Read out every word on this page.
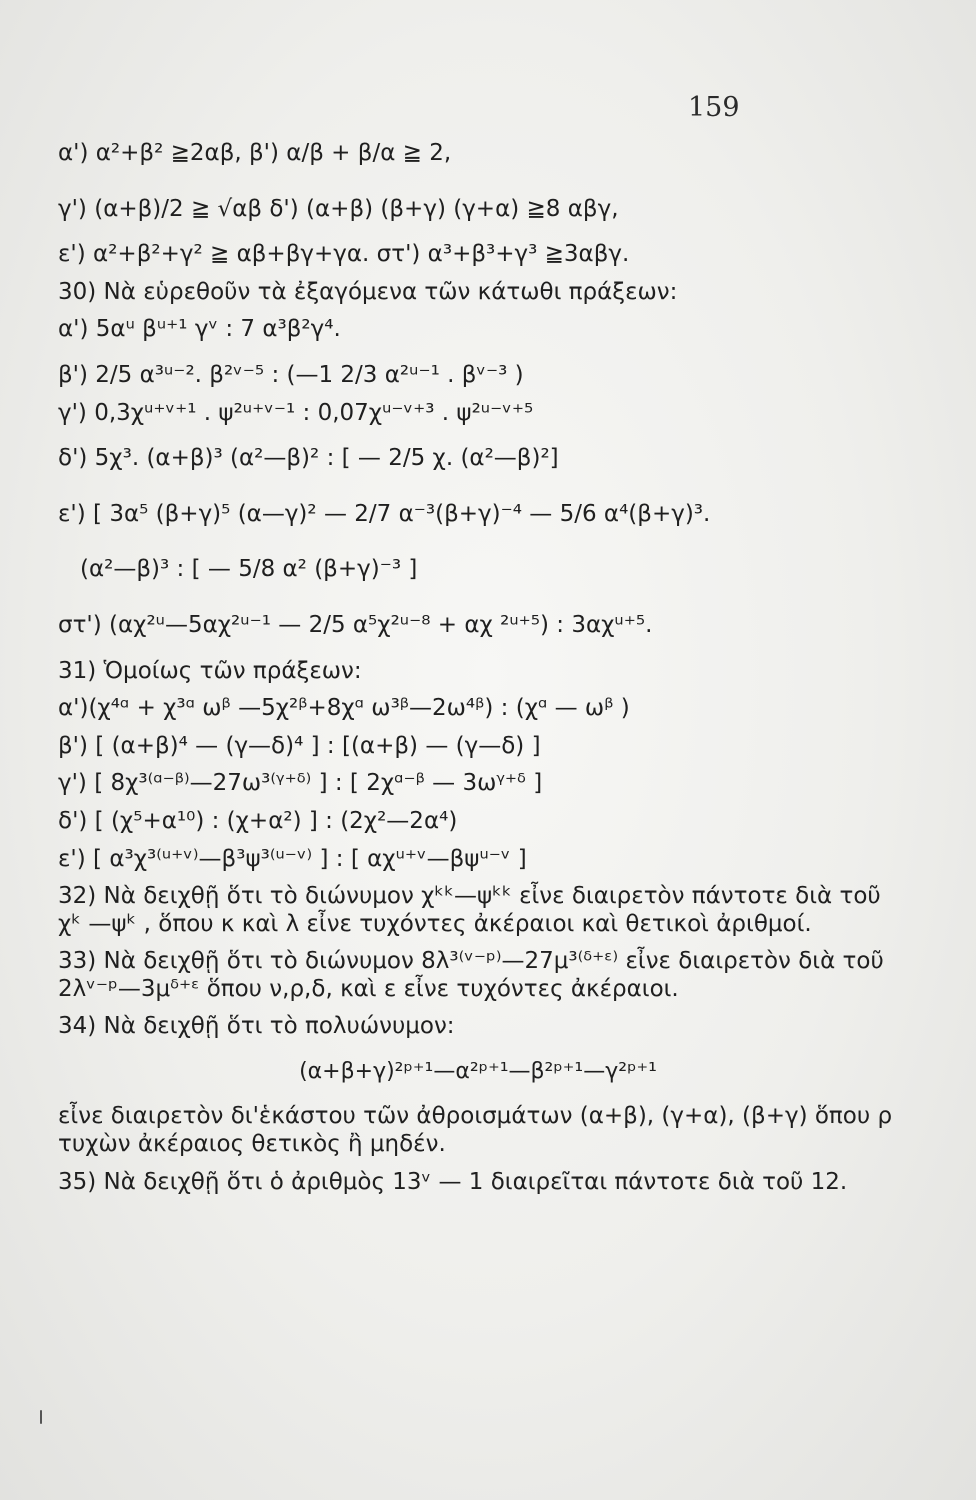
159
α') α²+β² ≧2αβ, β') α/β + β/α ≧ 2,
γ') (α+β)/2 ≧ √αβ δ') (α+β) (β+γ) (γ+α) ≧8 αβγ,
ε') α²+β²+γ² ≧ αβ+βγ+γα. στ') α³+β³+γ³ ≧3αβγ.
30) Νὰ εὑρεθοῦν τὰ ἐξαγόμενα τῶν κάτωθι πράξεων:
α') 5αᵘ βᵘ⁺¹ γᵛ : 7 α³β²γ⁴.
β') 2/5 α³ᵘ⁻². β²ᵛ⁻⁵ : (—1 2/3 α²ᵘ⁻¹ . βᵛ⁻³ )
γ') 0,3χᵘ⁺ᵛ⁺¹ . ψ²ᵘ⁺ᵛ⁻¹ : 0,07χᵘ⁻ᵛ⁺³ . ψ²ᵘ⁻ᵛ⁺⁵
δ') 5χ³. (α+β)³ (α²—β)² : [ — 2/5 χ. (α²—β)²]
ε') [ 3α⁵ (β+γ)⁵ (α—γ)² — 2/7 α⁻³(β+γ)⁻⁴ — 5/6 α⁴(β+γ)³.
(α²—β)³ : [ — 5/8 α² (β+γ)⁻³ ]
στ') (αχ²ᵘ—5αχ²ᵘ⁻¹ — 2/5 α⁵χ²ᵘ⁻⁸ + αχ ²ᵘ⁺⁵) : 3αχᵘ⁺⁵.
31) Ὁμοίως τῶν πράξεων:
α')(χ⁴ᵅ + χ³ᵅ ωᵝ —5χ²ᵝ+8χᵅ ω³ᵝ—2ω⁴ᵝ) : (χᵅ — ωᵝ )
β') [ (α+β)⁴ — (γ—δ)⁴ ] : [(α+β) — (γ—δ) ]
γ') [ 8χ³⁽ᵅ⁻ᵝ⁾—27ω³⁽ᵞ⁺ᵟ⁾ ] : [ 2χᵅ⁻ᵝ — 3ωᵞ⁺ᵟ ]
δ') [ (χ⁵+α¹⁰) : (χ+α²) ] : (2χ²—2α⁴)
ε') [ α³χ³⁽ᵘ⁺ᵛ⁾—β³ψ³⁽ᵘ⁻ᵛ⁾ ] : [ αχᵘ⁺ᵛ—βψᵘ⁻ᵛ ]
32) Νὰ δειχθῇ ὅτι τὸ διώνυμον χᵏᵏ—ψᵏᵏ εἶνε διαιρετὸν πάντοτε διὰ τοῦ χᵏ —ψᵏ , ὅπου κ καὶ λ εἶνε τυχόντες ἀκέραιοι καὶ θετικοὶ ἀριθμοί.
33) Νὰ δειχθῇ ὅτι τὸ διώνυμον 8λ³⁽ᵛ⁻ᵖ⁾—27μ³⁽ᵟ⁺ᵋ⁾ εἶνε διαιρετὸν διὰ τοῦ 2λᵛ⁻ᵖ—3μᵟ⁺ᵋ ὅπου ν,ρ,δ, καὶ ε εἶνε τυχόντες ἀκέραιοι.
34) Νὰ δειχθῇ ὅτι τὸ πολυώνυμον:
(α+β+γ)²ᵖ⁺¹—α²ᵖ⁺¹—β²ᵖ⁺¹—γ²ᵖ⁺¹
εἶνε διαιρετὸν δι'ἑκάστου τῶν ἀθροισμάτων (α+β), (γ+α), (β+γ) ὅπου ρ τυχὼν ἀκέραιος θετικὸς ἢ μηδέν.
35) Νὰ δειχθῇ ὅτι ὁ ἀριθμὸς 13ᵛ — 1 διαιρεῖται πάντοτε διὰ τοῦ 12.
